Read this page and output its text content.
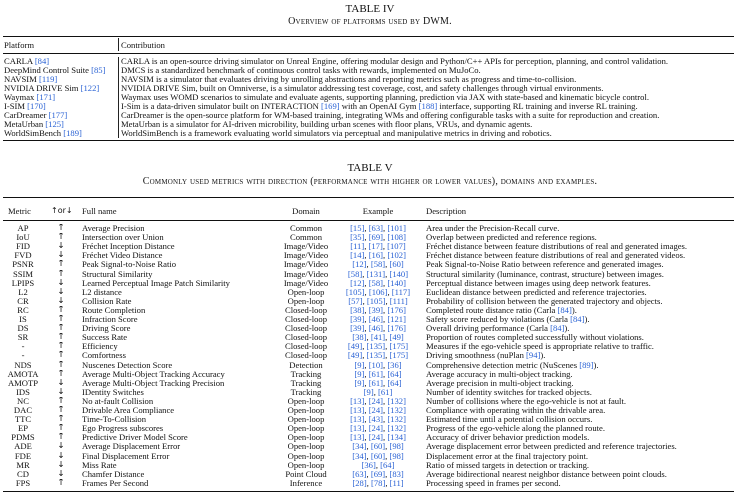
TABLE IV
Overview of platforms used by DWM.
Platform	Contribution
CARLA [84]	CARLA is an open-source driving simulator on Unreal Engine, offering modular design and Python/C++ APIs for perception, planning, and control validation.
DeepMind Control Suite [85]	DMCS is a standardized benchmark of continuous control tasks with rewards, implemented on MuJoCo.
NAVSIM [119]	NAVSIM is a simulator that evaluates driving by unrolling abstractions and reporting metrics such as progress and time-to-collision.
NVIDIA DRIVE Sim [122]	NVIDIA DRIVE Sim, built on Omniverse, is a simulator addressing test coverage, cost, and safety challenges through virtual environments.
Waymax [171]	Waymax uses WOMD scenarios to simulate and evaluate agents, supporting planning, prediction via JAX with state-based and kinematic bicycle control.
I-SIM [170]	I-Sim is a data-driven simulator built on INTERACTION [169] with an OpenAI Gym [188] interface, supporting RL training and inverse RL training.
CarDreamer [177]	CarDreamer is the open-source platform for WM-based training, integrating WMs and offering configurable tasks with a suite for reproduction and creation.
MetaUrban [125]	MetaUrban is a simulator for AI-driven microbility, building urban scenes with floor plans, VRUs, and dynamic agents.
WorldSimBench [189]	WorldSimBench is a framework evaluating world simulators via perceptual and manipulative metrics in driving and robotics.
TABLE V
Commonly used metrics with direction (performance with higher or lower values), domains and examples.
Metric	↑or↓ Full name	Domain	Example	Description
AP	↑	Average Precision	Common	[15], [63], [101]	Area under the Precision-Recall curve.
IoU	↑	Intersection over Union	Common	[35], [69], [108]	Overlap between predicted and reference regions.
FID	↓	Fréchet Inception Distance	Image/Video	[11], [17], [107]	Fréchet distance between feature distributions of real and generated images.
FVD	↓	Fréchet Video Distance	Image/Video	[14], [16], [102]	Fréchet distance between feature distributions of real and generated videos.
PSNR	↑	Peak Signal-to-Noise Ratio	Image/Video	[12], [58], [60]	Peak Signal-to-Noise Ratio between reference and generated images.
SSIM	↑	Structural Similarity	Image/Video	[58], [131], [140]	Structural similarity (luminance, contrast, structure) between images.
LPIPS	↓	Learned Perceptual Image Patch Similarity	Image/Video	[12], [58], [140]	Perceptual distance between images using deep network features.
L2	↓	L2 distance	Open-loop	[105], [106], [117]	Euclidean distance between predicted and reference trajectories.
CR	↓	Collision Rate	Open-loop	[57], [105], [111]	Probability of collision between the generated trajectory and objects.
RC	↑	Route Completion	Closed-loop	[38], [39], [176]	Completed route distance ratio (Carla [84]).
IS	↑	Infraction Score	Closed-loop	[39], [46], [121]	Safety score reduced by violations (Carla [84]).
DS	↑	Driving Score	Closed-loop	[39], [46], [176]	Overall driving performance (Carla [84]).
SR	↑	Success Rate	Closed-loop	[38], [41], [49]	Proportion of routes completed successfully without violations.
-	↑	Efficiency	Closed-loop	[49], [135], [175]	Measures if the ego-vehicle speed is appropriate relative to traffic.
-	↑	Comfortness	Closed-loop	[49], [135], [175]	Driving smoothness (nuPlan [94]).
NDS	↑	Nuscenes Detection Score	Detection	[9], [10], [36]	Comprehensive detection metric (NuScenes [89]).
AMOTA	↑	Average Multi-Object Tracking Accuracy	Tracking	[9], [61], [64]	Average accuracy in multi-object tracking.
AMOTP	↓	Average Multi-Object Tracking Precision	Tracking	[9], [61], [64]	Average precision in multi-object tracking.
IDS	↓	IDentity Switches	Tracking	[9], [61]	Number of identity switches for tracked objects.
NC	↑	No at-fault Collision	Open-loop	[13], [24], [132]	Number of collisions where the ego-vehicle is not at fault.
DAC	↑	Drivable Area Compliance	Open-loop	[13], [24], [132]	Compliance with operating within the drivable area.
TTC	↑	Time-To-Collision	Open-loop	[13], [43], [132]	Estimated time until a potential collision occurs.
EP	↑	Ego Progress subscores	Open-loop	[13], [24], [132]	Progress of the ego-vehicle along the planned route.
PDMS	↑	Predictive Driver Model Score	Open-loop	[13], [24], [134]	Accuracy of driver behavior prediction models.
ADE	↓	Average Displacement Error	Open-loop	[34], [60], [98]	Average displacement error between predicted and reference trajectories.
FDE	↓	Final Displacement Error	Open-loop	[34], [60], [98]	Displacement error at the final trajectory point.
MR	↓	Miss Rate	Open-loop	[36], [64]	Ratio of missed targets in detection or tracking.
CD	↓	Chamfer Distance	Point Cloud	[63], [69], [83]	Average bidirectional nearest neighbor distance between point clouds.
FPS	↑	Frames Per Second	Inference	[28], [78], [11]	Processing speed in frames per second.
